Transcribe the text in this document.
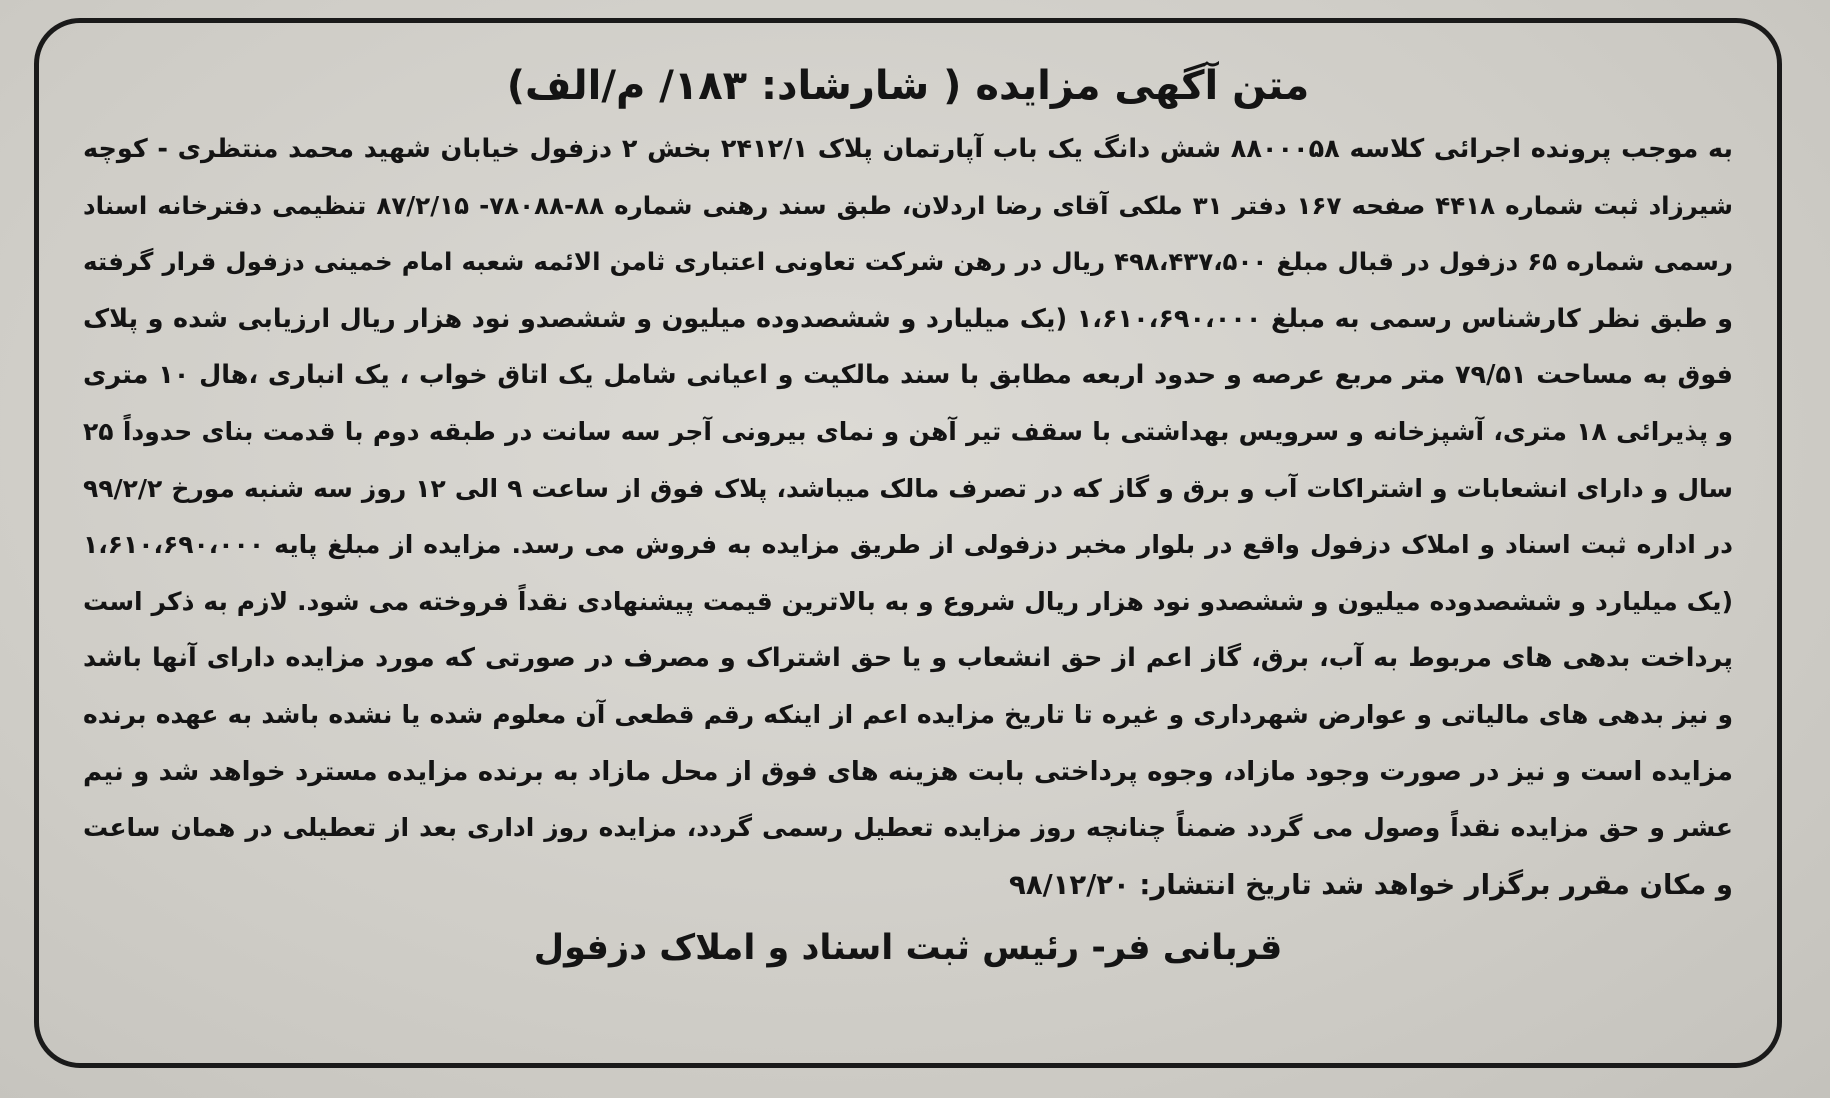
متن آگهی مزایده ( شارشاد: ۱۸۳/ م/الف)
به موجب پرونده اجرائی کلاسه ۸۸۰۰۰۵۸ شش دانگ یک باب آپارتمان پلاک ۲۴۱۲/۱ بخش ۲ دزفول خیابان شهید محمد منتظری - کوچه
شیرزاد ثبت شماره ۴۴۱۸ صفحه ۱۶۷ دفتر ۳۱ ملکی آقای رضا اردلان، طبق سند رهنی شماره ۸۸-۷۸۰۸۸- ۸۷/۲/۱۵ تنظیمی دفترخانه اسناد
رسمی شماره ۶۵ دزفول در قبال مبلغ ۴۹۸،۴۳۷،۵۰۰ ریال در رهن شرکت تعاونی اعتباری ثامن الائمه شعبه امام خمینی دزفول قرار گرفته
و طبق نظر کارشناس رسمی به مبلغ ۱،۶۱۰،۶۹۰،۰۰۰ (یک میلیارد و ششصدوده میلیون و ششصدو نود هزار ریال ارزیابی شده و پلاک
فوق به مساحت ۷۹/۵۱ متر مربع عرصه و حدود اربعه مطابق با سند مالکیت و اعیانی شامل یک اتاق خواب ، یک انباری ،هال ۱۰ متری
و پذیرائی ۱۸ متری، آشپزخانه و سرویس بهداشتی با سقف تیر آهن و نمای بیرونی آجر سه سانت در طبقه دوم با قدمت بنای حدوداً ۲۵
سال و دارای انشعابات و اشتراکات آب و برق و گاز که در تصرف مالک میباشد، پلاک فوق از ساعت ۹ الی ۱۲ روز سه شنبه مورخ ۹۹/۲/۲
در اداره ثبت اسناد و املاک دزفول واقع در بلوار مخبر دزفولی از طریق مزایده به فروش می رسد. مزایده از مبلغ پایه ۱،۶۱۰،۶۹۰،۰۰۰
(یک میلیارد و ششصدوده میلیون و ششصدو نود هزار ریال شروع و به بالاترین قیمت پیشنهادی نقداً فروخته می شود. لازم به ذکر است
پرداخت بدهی های مربوط به آب، برق، گاز اعم از حق انشعاب و یا حق اشتراک و مصرف در صورتی که مورد مزایده دارای آنها باشد
و نیز بدهی های مالیاتی و عوارض شهرداری و غیره تا تاریخ مزایده اعم از اینکه رقم قطعی آن معلوم شده یا نشده باشد به عهده برنده
مزایده است و نیز در صورت وجود مازاد، وجوه پرداختی بابت هزینه های فوق از محل مازاد به برنده مزایده مسترد خواهد شد و نیم
عشر و حق مزایده نقداً وصول می گردد ضمناً چنانچه روز مزایده تعطیل رسمی گردد، مزایده روز اداری بعد از تعطیلی در همان ساعت
و مکان مقرر برگزار خواهد شد تاریخ انتشار: ۹۸/۱۲/۲۰
قربانی فر- رئیس ثبت اسناد و املاک دزفول
